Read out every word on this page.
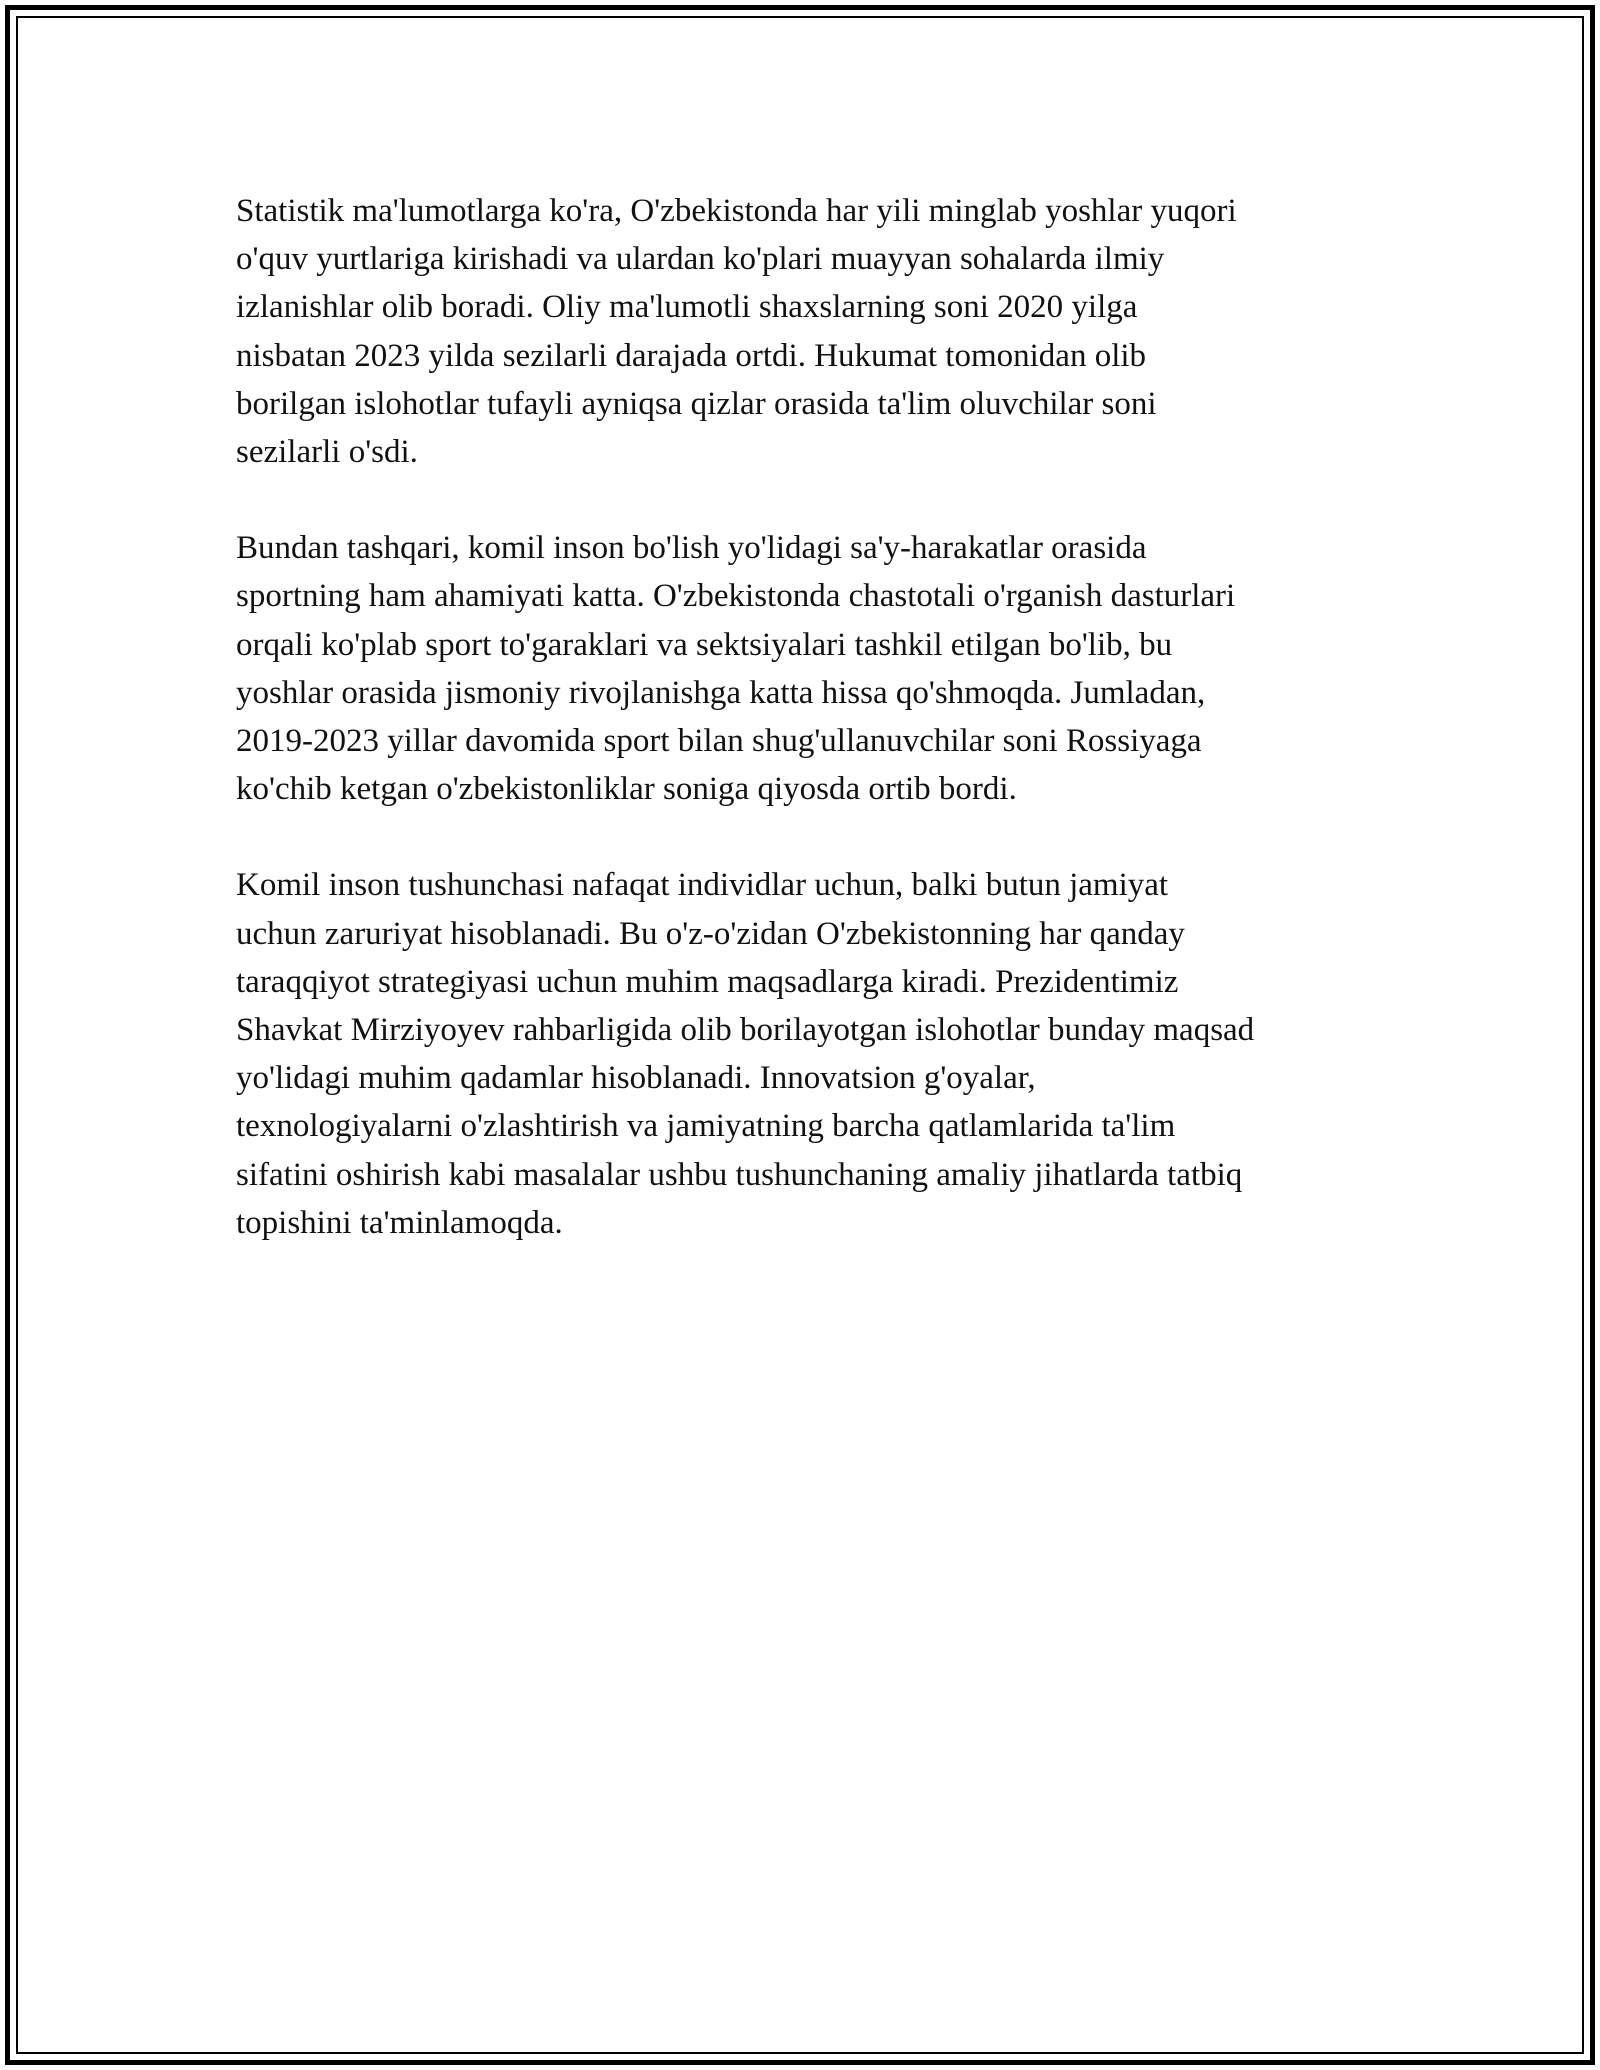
Statistik ma'lumotlarga ko'ra, O'zbekistonda har yili minglab yoshlar yuqori
o'quv yurtlariga kirishadi va ulardan ko'plari muayyan sohalarda ilmiy
izlanishlar olib boradi. Oliy ma'lumotli shaxslarning soni 2020 yilga
nisbatan 2023 yilda sezilarli darajada ortdi. Hukumat tomonidan olib
borilgan islohotlar tufayli ayniqsa qizlar orasida ta'lim oluvchilar soni
sezilarli o'sdi.

Bundan tashqari, komil inson bo'lish yo'lidagi sa'y-harakatlar orasida
sportning ham ahamiyati katta. O'zbekistonda chastotali o'rganish dasturlari
orqali ko'plab sport to'garaklari va sektsiyalari tashkil etilgan bo'lib, bu
yoshlar orasida jismoniy rivojlanishga katta hissa qo'shmoqda. Jumladan,
2019-2023 yillar davomida sport bilan shug'ullanuvchilar soni Rossiyaga
ko'chib ketgan o'zbekistonliklar soniga qiyosda ortib bordi.

Komil inson tushunchasi nafaqat individlar uchun, balki butun jamiyat
uchun zaruriyat hisoblanadi. Bu o'z-o'zidan O'zbekistonning har qanday
taraqqiyot strategiyasi uchun muhim maqsadlarga kiradi. Prezidentimiz
Shavkat Mirziyoyev rahbarligida olib borilayotgan islohotlar bunday maqsad
yo'lidagi muhim qadamlar hisoblanadi. Innovatsion g'oyalar,
texnologiyalarni o'zlashtirish va jamiyatning barcha qatlamlarida ta'lim
sifatini oshirish kabi masalalar ushbu tushunchaning amaliy jihatlarda tatbiq
topishini ta'minlamoqda.
